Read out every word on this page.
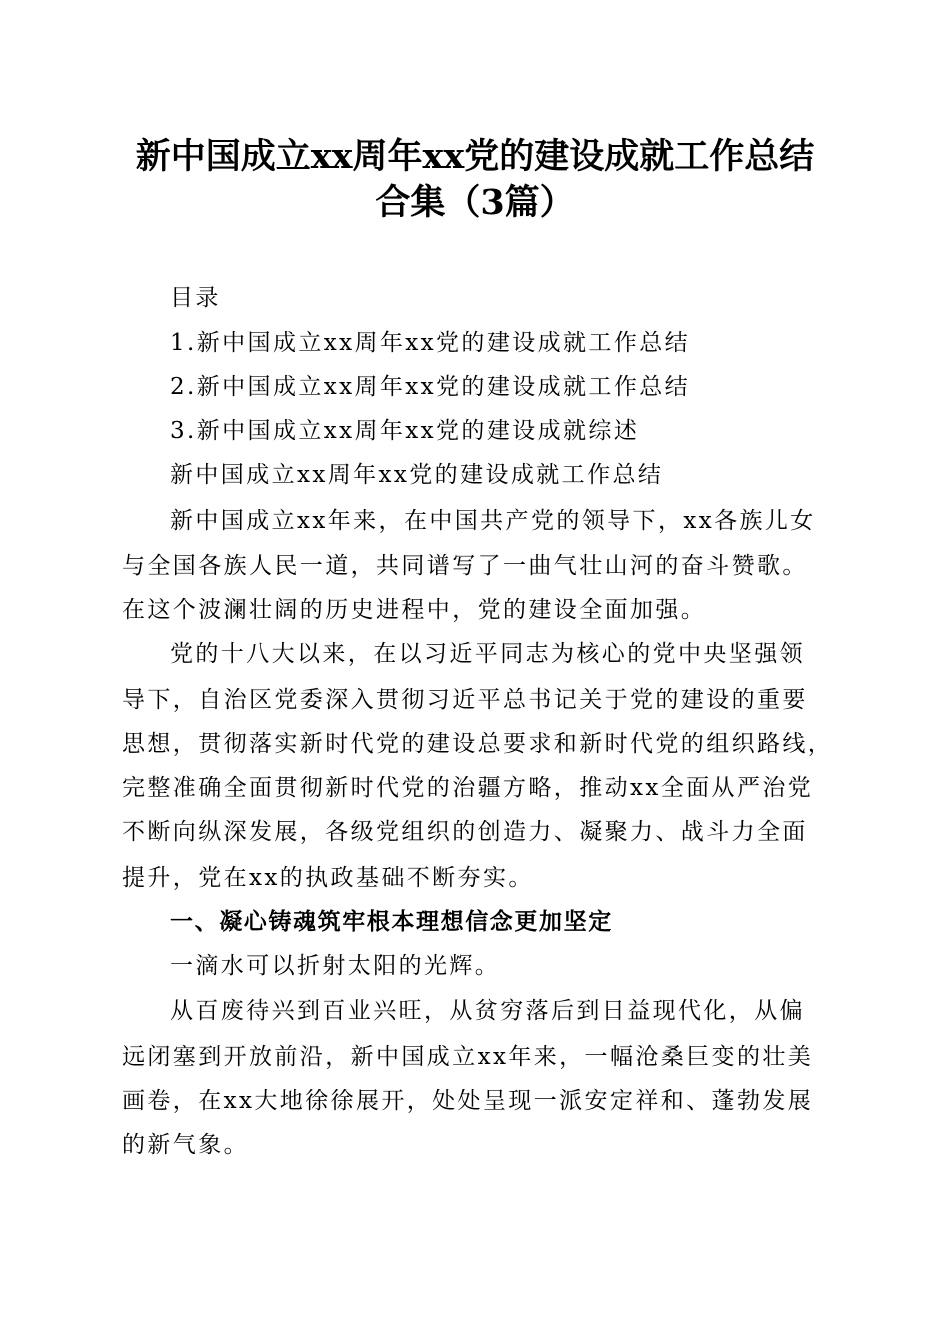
新中国成立xx周年xx党的建设成就工作总结
合集（3篇）
目录
1.新中国成立xx周年xx党的建设成就工作总结
2.新中国成立xx周年xx党的建设成就工作总结
3.新中国成立xx周年xx党的建设成就综述
新中国成立xx周年xx党的建设成就工作总结
新中国成立xx年来，在中国共产党的领导下，xx各族儿女
与全国各族人民一道，共同谱写了一曲气壮山河的奋斗赞歌。
在这个波澜壮阔的历史进程中，党的建设全面加强。
党的十八大以来，在以习近平同志为核心的党中央坚强领
导下，自治区党委深入贯彻习近平总书记关于党的建设的重要
思想，贯彻落实新时代党的建设总要求和新时代党的组织路线，
完整准确全面贯彻新时代党的治疆方略，推动xx全面从严治党
不断向纵深发展，各级党组织的创造力、凝聚力、战斗力全面
提升，党在xx的执政基础不断夯实。
一、凝心铸魂筑牢根本理想信念更加坚定
一滴水可以折射太阳的光辉。
从百废待兴到百业兴旺，从贫穷落后到日益现代化，从偏
远闭塞到开放前沿，新中国成立xx年来，一幅沧桑巨变的壮美
画卷，在xx大地徐徐展开，处处呈现一派安定祥和、蓬勃发展
的新气象。
